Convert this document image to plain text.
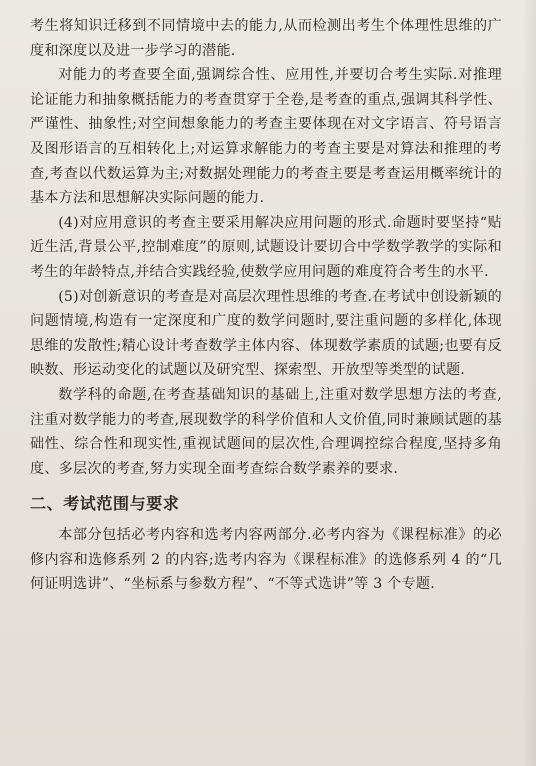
考生将知识迁移到不同情境中去的能力,从而检测出考生个体理性思维的广度和深度以及进一步学习的潜能.

对能力的考查要全面,强调综合性、应用性,并要切合考生实际.对推理论证能力和抽象概括能力的考查贯穿于全卷,是考查的重点,强调其科学性、严谨性、抽象性;对空间想象能力的考查主要体现在对文字语言、符号语言及图形语言的互相转化上;对运算求解能力的考查主要是对算法和推理的考查,考查以代数运算为主;对数据处理能力的考查主要是考查运用概率统计的基本方法和思想解决实际问题的能力.

(4)对应用意识的考查主要采用解决应用问题的形式.命题时要坚持“贴近生活,背景公平,控制难度”的原则,试题设计要切合中学数学教学的实际和考生的年龄特点,并结合实践经验,使数学应用问题的难度符合考生的水平.

(5)对创新意识的考查是对高层次理性思维的考查.在考试中创设新颖的问题情境,构造有一定深度和广度的数学问题时,要注重问题的多样化,体现思维的发散性;精心设计考查数学主体内容、体现数学素质的试题;也要有反映数、形运动变化的试题以及研究型、探索型、开放型等类型的试题.

数学科的命题,在考查基础知识的基础上,注重对数学思想方法的考查,注重对数学能力的考查,展现数学的科学价值和人文价值,同时兼顾试题的基础性、综合性和现实性,重视试题间的层次性,合理调控综合程度,坚持多角度、多层次的考查,努力实现全面考查综合数学素养的要求.

二、考试范围与要求

本部分包括必考内容和选考内容两部分.必考内容为《课程标准》的必修内容和选修系列 2 的内容;选考内容为《课程标准》的选修系列 4 的“几何证明选讲”、“坐标系与参数方程”、“不等式选讲”等 3 个专题.
